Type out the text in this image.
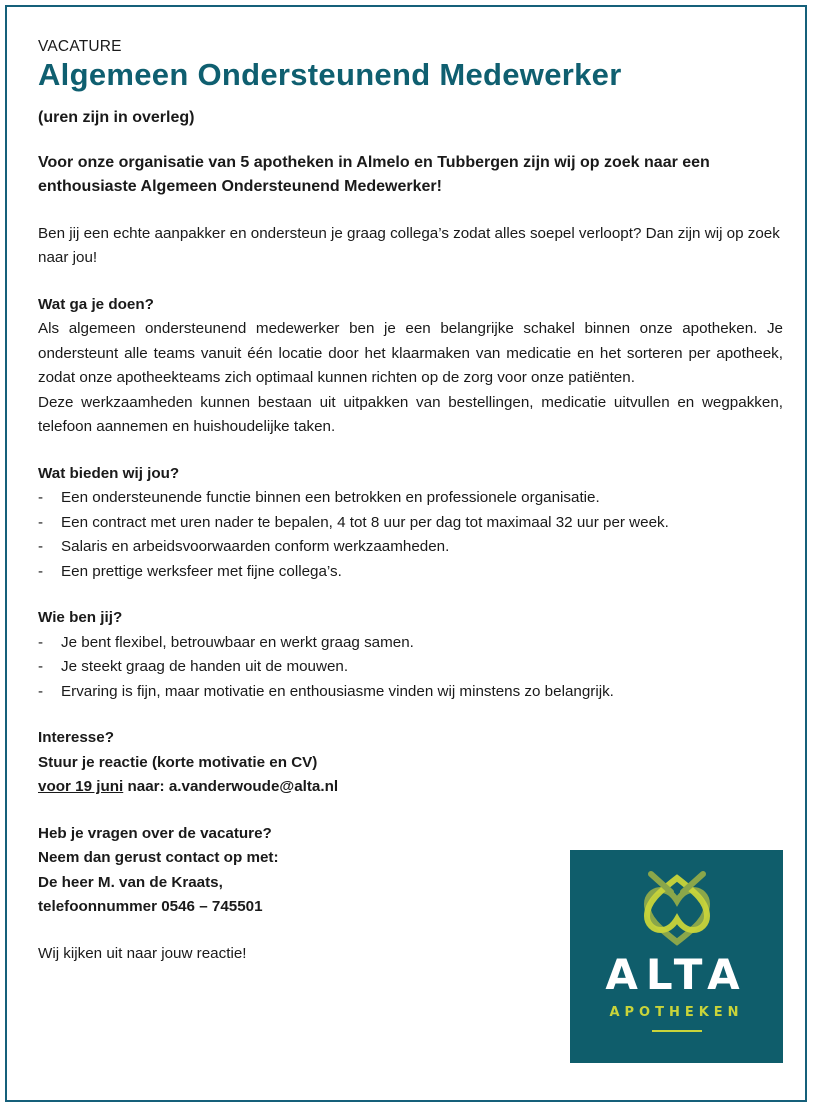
VACATURE
Algemeen Ondersteunend Medewerker
(uren zijn in overleg)
Voor onze organisatie van 5 apotheken in Almelo en Tubbergen zijn wij op zoek naar een enthousiaste Algemeen Ondersteunend Medewerker!
Ben jij een echte aanpakker en ondersteun je graag collega’s zodat alles soepel verloopt? Dan zijn wij op zoek naar jou!
Wat ga je doen?
Als algemeen ondersteunend medewerker ben je een belangrijke schakel binnen onze apotheken. Je ondersteunt alle teams vanuit één locatie door het klaarmaken van medicatie en het sorteren per apotheek, zodat onze apotheekteams zich optimaal kunnen richten op de zorg voor onze patiënten.
Deze werkzaamheden kunnen bestaan uit uitpakken van bestellingen, medicatie uitvullen en wegpakken, telefoon aannemen en huishoudelijke taken.
Wat bieden wij jou?
- Een ondersteunende functie binnen een betrokken en professionele organisatie.
- Een contract met uren nader te bepalen, 4 tot 8 uur per dag tot maximaal 32 uur per week.
- Salaris en arbeidsvoorwaarden conform werkzaamheden.
- Een prettige werksfeer met fijne collega’s.
Wie ben jij?
- Je bent flexibel, betrouwbaar en werkt graag samen.
- Je steekt graag de handen uit de mouwen.
- Ervaring is fijn, maar motivatie en enthousiasme vinden wij minstens zo belangrijk.
Interesse?
Stuur je reactie (korte motivatie en CV)
voor 19 juni naar: a.vanderwoude@alta.nl
Heb je vragen over de vacature?
Neem dan gerust contact op met:
De heer M. van de Kraats,
telefoonnummer 0546 – 745501
Wij kijken uit naar jouw reactie!	ALTA
APOTHEKEN
